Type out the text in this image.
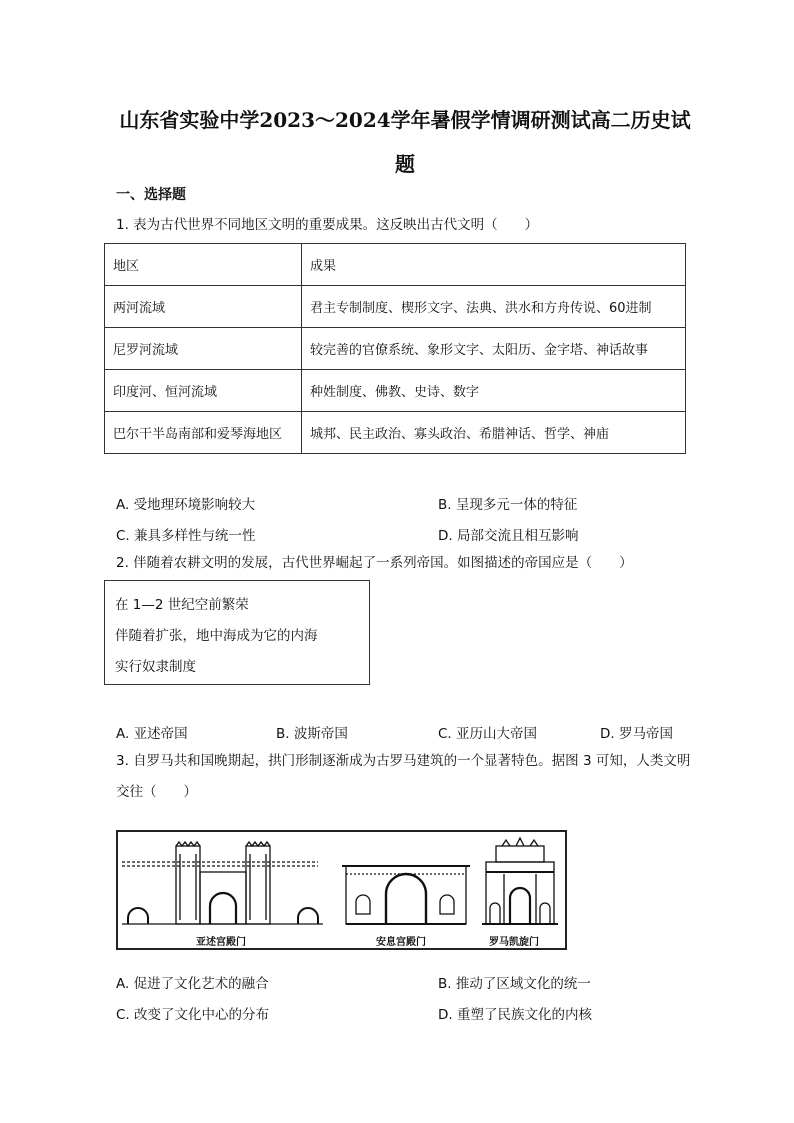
山东省实验中学2023～2024学年暑假学情调研测试高二历史试
题
一、选择题
1. 表为古代世界不同地区文明的重要成果。这反映出古代文明（　　）
地区	成果
两河流域	君主专制制度、楔形文字、法典、洪水和方舟传说、60进制
尼罗河流域	较完善的官僚系统、象形文字、太阳历、金字塔、神话故事
印度河、恒河流域	种姓制度、佛教、史诗、数字
巴尔干半岛南部和爱琴海地区	城邦、民主政治、寡头政治、希腊神话、哲学、神庙
A. 受地理环境影响较大	B. 呈现多元一体的特征
C. 兼具多样性与统一性	D. 局部交流且相互影响
2. 伴随着农耕文明的发展，古代世界崛起了一系列帝国。如图描述的帝国应是（　　）
在 1—2 世纪空前繁荣
伴随着扩张，地中海成为它的内海
实行奴隶制度
A. 亚述帝国	B. 波斯帝国	C. 亚历山大帝国	D. 罗马帝国
3. 自罗马共和国晚期起，拱门形制逐渐成为古罗马建筑的一个显著特色。据图 3 可知，人类文明
交往（　　）
亚述宫殿门	安息宫殿门	罗马凯旋门
A. 促进了文化艺术的融合	B. 推动了区域文化的统一
C. 改变了文化中心的分布	D. 重塑了民族文化的内核
